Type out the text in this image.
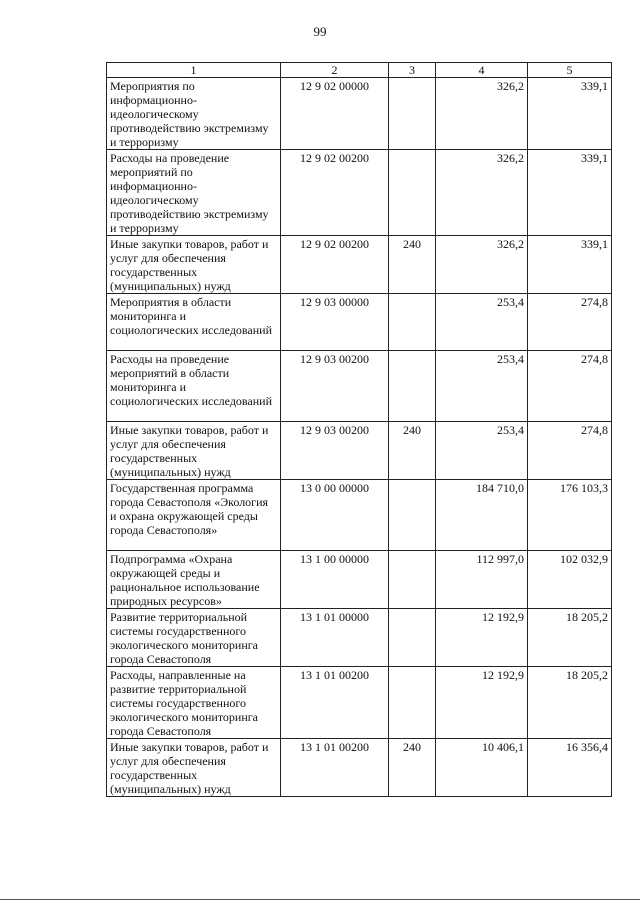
99
1	2	3	4	5
Мероприятия по информационно-идеологическому противодействию экстремизму и терроризму	12 9 02 00000		326,2	339,1
Расходы на проведение мероприятий по информационно-идеологическому противодействию экстремизму и терроризму	12 9 02 00200		326,2	339,1
Иные закупки товаров, работ и услуг для обеспечения государственных (муниципальных) нужд	12 9 02 00200	240	326,2	339,1
Мероприятия в области мониторинга и социологических исследований	12 9 03 00000		253,4	274,8
Расходы на проведение мероприятий в области мониторинга и социологических исследований	12 9 03 00200		253,4	274,8
Иные закупки товаров, работ и услуг для обеспечения государственных (муниципальных) нужд	12 9 03 00200	240	253,4	274,8
Государственная программа города Севастополя «Экология и охрана окружающей среды города Севастополя»	13 0 00 00000		184 710,0	176 103,3
Подпрограмма «Охрана окружающей среды и рациональное использование природных ресурсов»	13 1 00 00000		112 997,0	102 032,9
Развитие территориальной системы государственного экологического мониторинга города Севастополя	13 1 01 00000		12 192,9	18 205,2
Расходы, направленные на развитие территориальной системы государственного экологического мониторинга города Севастополя	13 1 01 00200		12 192,9	18 205,2
Иные закупки товаров, работ и услуг для обеспечения государственных (муниципальных) нужд	13 1 01 00200	240	10 406,1	16 356,4
